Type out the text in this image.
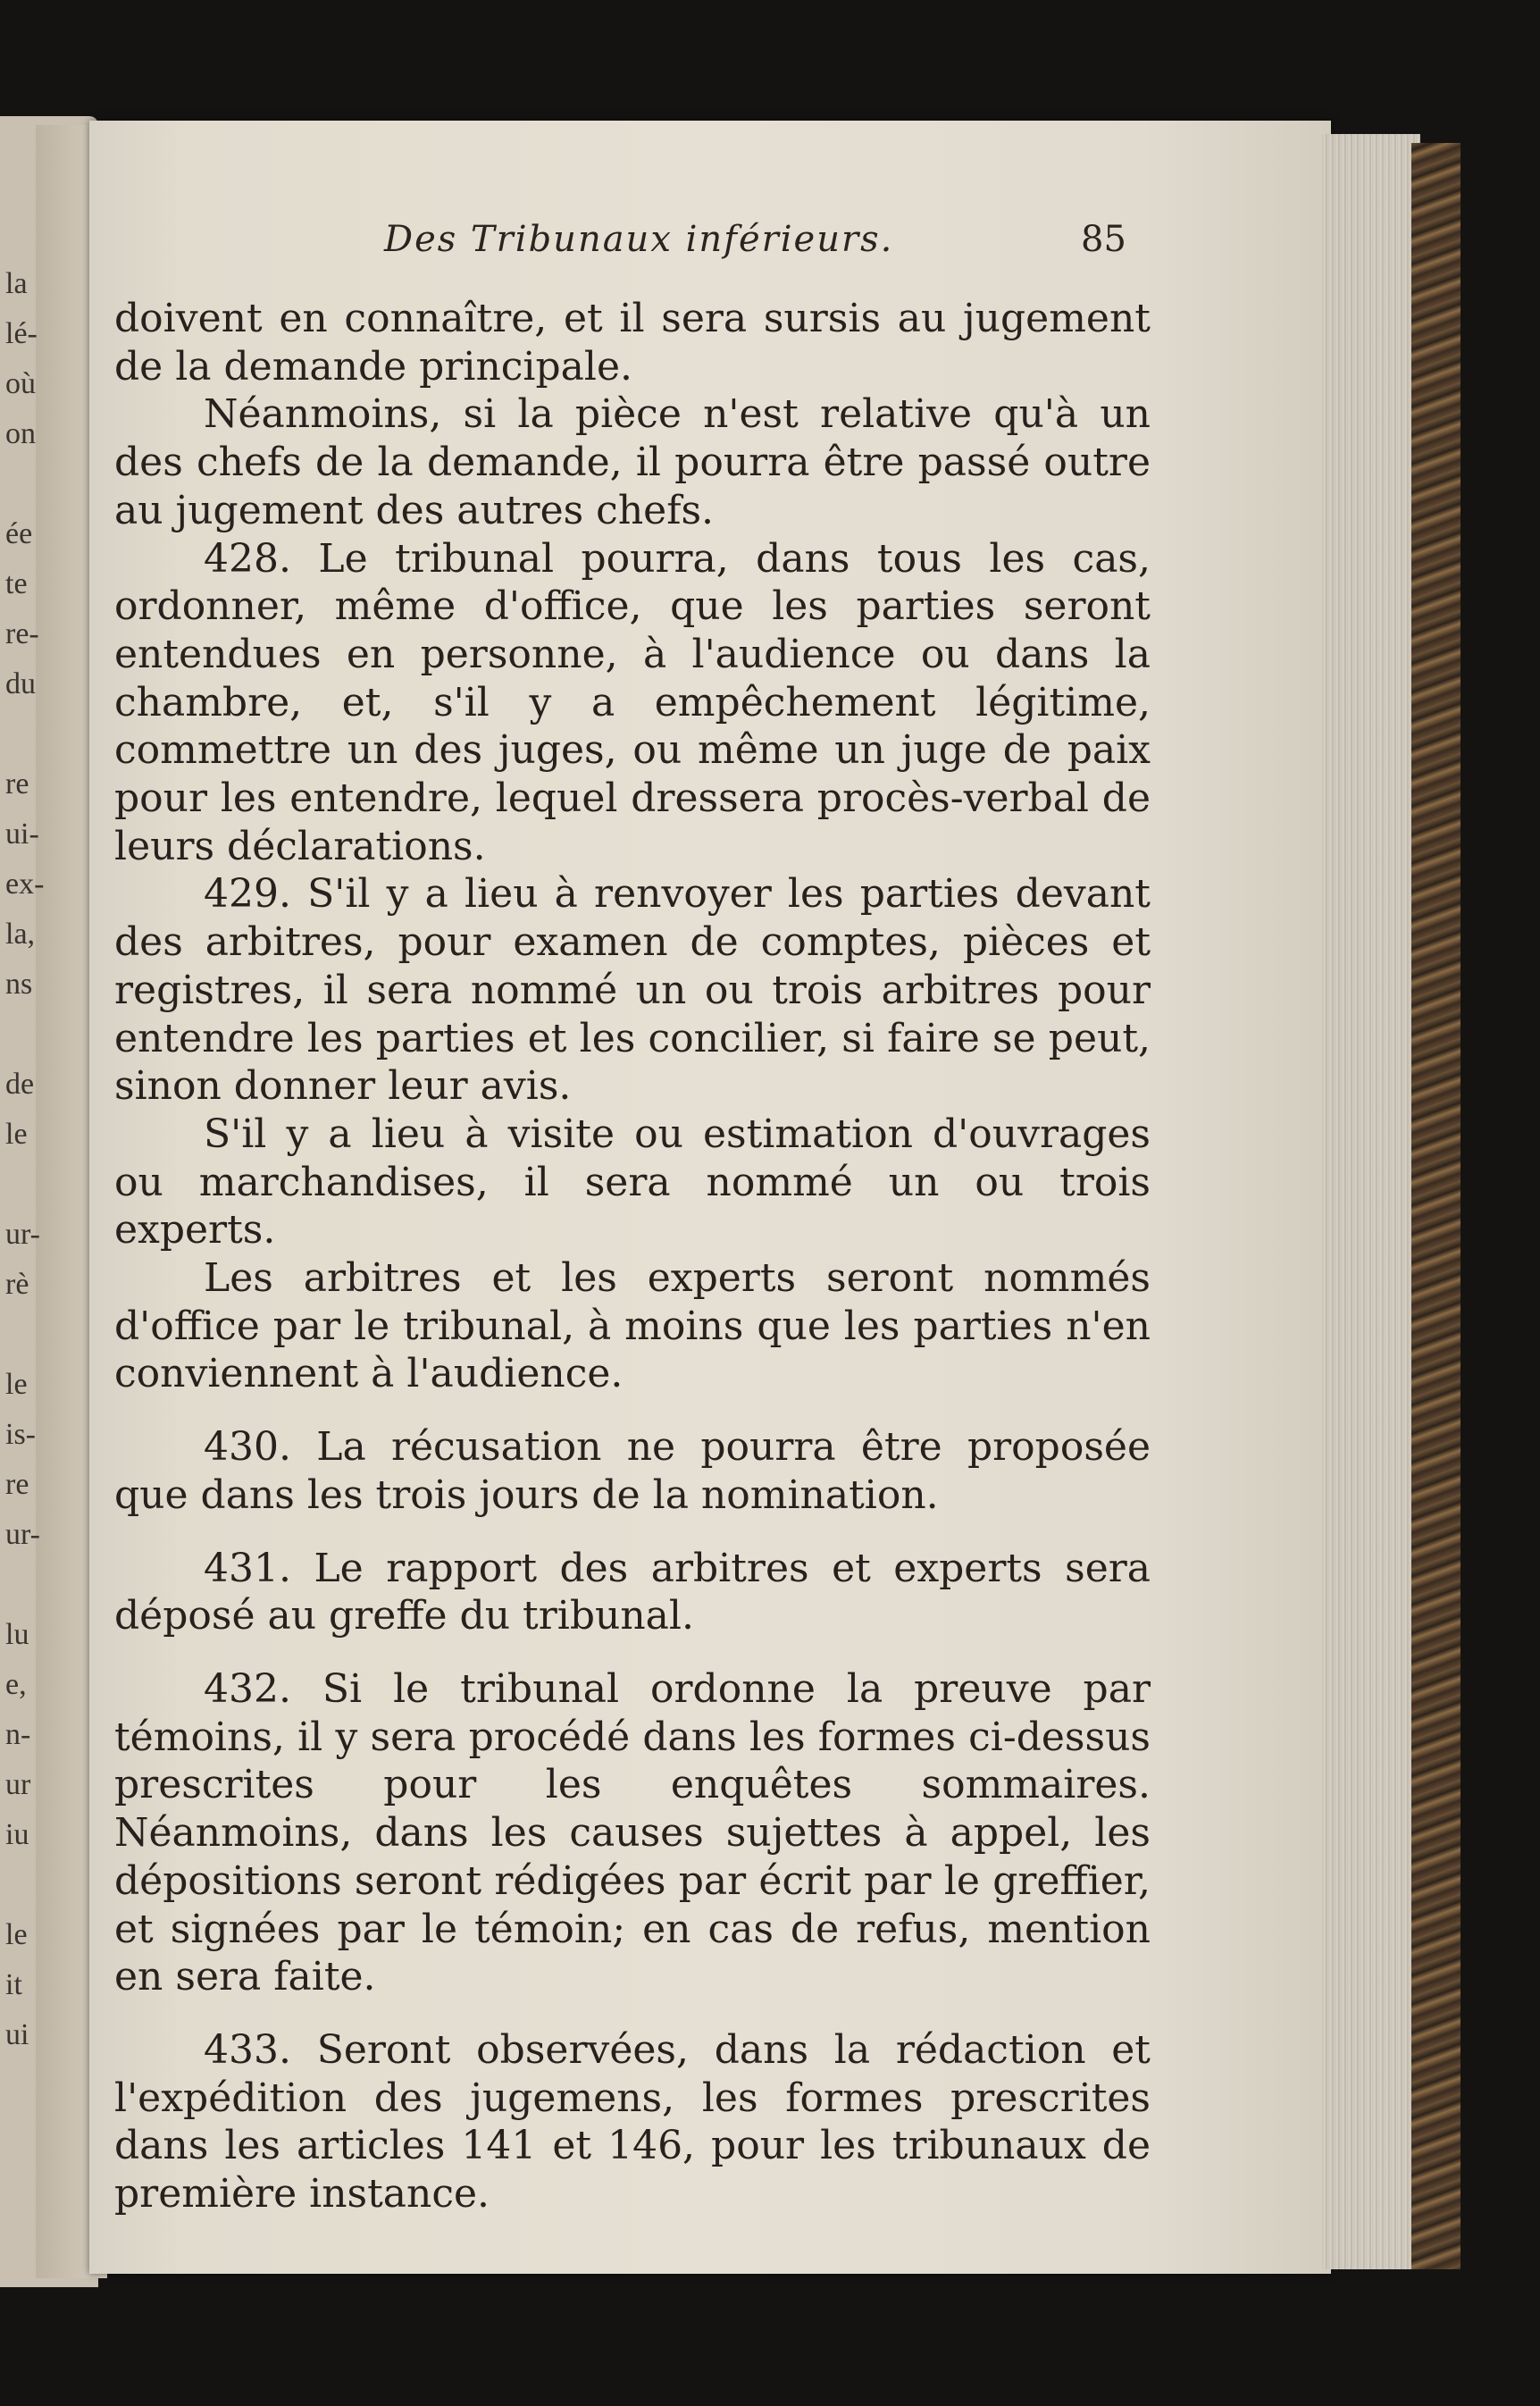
la
lé-
où
on

ée
te
re-
du

re
ui-
ex-
la,
ns

de
le

ur-
rè

le
is-
re
ur-

lu
e,
n-
ur
iu

le
it
ui
Des Tribunaux inférieurs.	85

doivent en connaître, et il sera sursis au jugement de la demande principale.

Néanmoins, si la pièce n'est relative qu'à un des chefs de la demande, il pourra être passé outre au jugement des autres chefs.

428. Le tribunal pourra, dans tous les cas, ordonner, même d'office, que les parties seront entendues en personne, à l'audience ou dans la chambre, et, s'il y a empêchement légitime, commettre un des juges, ou même un juge de paix pour les entendre, lequel dressera procès-verbal de leurs déclarations.

429. S'il y a lieu à renvoyer les parties devant des arbitres, pour examen de comptes, pièces et registres, il sera nommé un ou trois arbitres pour entendre les parties et les concilier, si faire se peut, sinon donner leur avis.

S'il y a lieu à visite ou estimation d'ouvrages ou marchandises, il sera nommé un ou trois experts.

Les arbitres et les experts seront nommés d'office par le tribunal, à moins que les parties n'en conviennent à l'audience.

430. La récusation ne pourra être proposée que dans les trois jours de la nomination.

431. Le rapport des arbitres et experts sera déposé au greffe du tribunal.

432. Si le tribunal ordonne la preuve par témoins, il y sera procédé dans les formes ci-dessus prescrites pour les enquêtes sommaires. Néanmoins, dans les causes sujettes à appel, les dépositions seront rédigées par écrit par le greffier, et signées par le témoin; en cas de refus, mention en sera faite.

433. Seront observées, dans la rédaction et l'expédition des jugemens, les formes prescrites dans les articles 141 et 146, pour les tribunaux de première instance.
